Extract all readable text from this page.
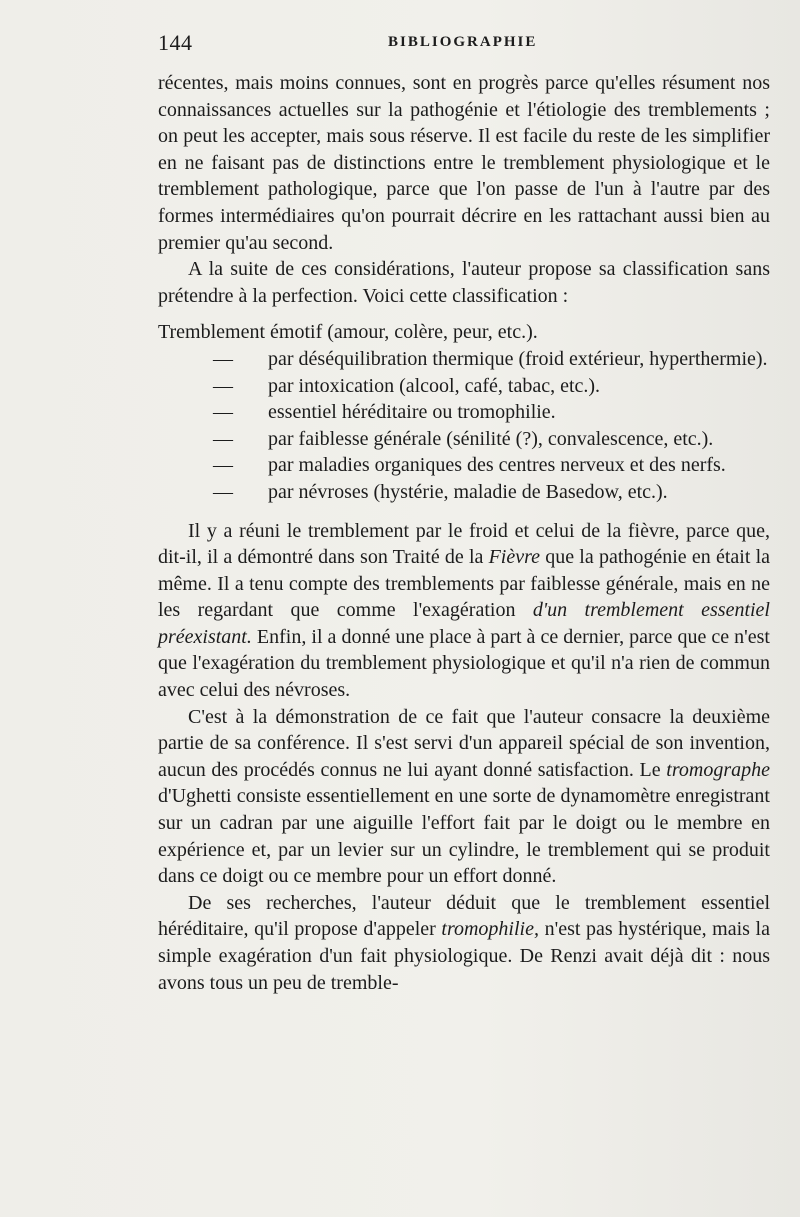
144	BIBLIOGRAPHIE

récentes, mais moins connues, sont en progrès parce qu'elles résument nos connaissances actuelles sur la pathogénie et l'étiologie des tremblements ; on peut les accepter, mais sous réserve. Il est facile du reste de les simplifier en ne faisant pas de distinctions entre le tremblement physiologique et le tremblement pathologique, parce que l'on passe de l'un à l'autre par des formes intermédiaires qu'on pourrait décrire en les rattachant aussi bien au premier qu'au second.

A la suite de ces considérations, l'auteur propose sa classification sans prétendre à la perfection. Voici cette classification :

Tremblement émotif (amour, colère, peur, etc.).

—	par déséquilibration thermique (froid extérieur, hyperthermie).
—	par intoxication (alcool, café, tabac, etc.).
—	essentiel héréditaire ou tromophilie.
—	par faiblesse générale (sénilité (?), convalescence, etc.).
—	par maladies organiques des centres nerveux et des nerfs.
—	par névroses (hystérie, maladie de Basedow, etc.).

Il y a réuni le tremblement par le froid et celui de la fièvre, parce que, dit-il, il a démontré dans son Traité de la Fièvre que la pathogénie en était la même. Il a tenu compte des tremblements par faiblesse générale, mais en ne les regardant que comme l'exagération d'un tremblement essentiel préexistant. Enfin, il a donné une place à part à ce dernier, parce que ce n'est que l'exagération du tremblement physiologique et qu'il n'a rien de commun avec celui des névroses.

C'est à la démonstration de ce fait que l'auteur consacre la deuxième partie de sa conférence. Il s'est servi d'un appareil spécial de son invention, aucun des procédés connus ne lui ayant donné satisfaction. Le tromographe d'Ughetti consiste essentiellement en une sorte de dynamomètre enregistrant sur un cadran par une aiguille l'effort fait par le doigt ou le membre en expérience et, par un levier sur un cylindre, le tremblement qui se produit dans ce doigt ou ce membre pour un effort donné.

De ses recherches, l'auteur déduit que le tremblement essentiel héréditaire, qu'il propose d'appeler tromophilie, n'est pas hystérique, mais la simple exagération d'un fait physiologique. De Renzi avait déjà dit : nous avons tous un peu de tremble-
